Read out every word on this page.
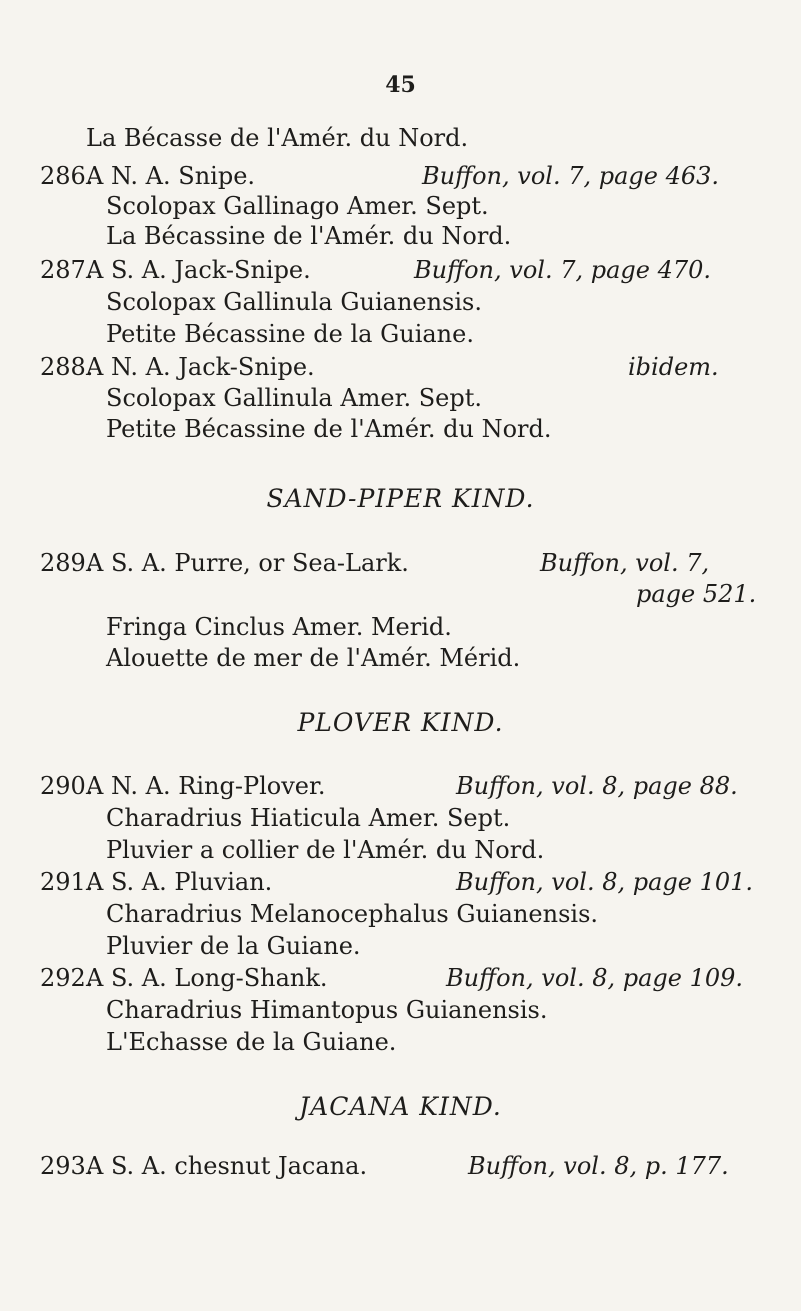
45
La Bécasse de l'Amér. du Nord.
286.
A N. A. Snipe.	Buffon, vol. 7, page 463.
Scolopax Gallinago Amer. Sept.
La Bécassine de l'Amér. du Nord.
287.
A S. A. Jack-Snipe.	Buffon, vol. 7, page 470.
Scolopax Gallinula Guianensis.
Petite Bécassine de la Guiane.
288.
A N. A. Jack-Snipe.	ibidem.
Scolopax Gallinula Amer. Sept.
Petite Bécassine de l'Amér. du Nord.
SAND-PIPER KIND.
289.
A S. A. Purre, or Sea-Lark.	Buffon, vol. 7,
page 521.
Fringa Cinclus Amer. Merid.
Alouette de mer de l'Amér. Mérid.
PLOVER KIND.
290.
A N. A. Ring-Plover.	Buffon, vol. 8, page 88.
Charadrius Hiaticula Amer. Sept.
Pluvier a collier de l'Amér. du Nord.
291.
A S. A. Pluvian.	Buffon, vol. 8, page 101.
Charadrius Melanocephalus Guianensis.
Pluvier de la Guiane.
292.
A S. A. Long-Shank.	Buffon, vol. 8, page 109.
Charadrius Himantopus Guianensis.
L'Echasse de la Guiane.
JACANA KIND.
293.
A S. A. chesnut Jacana.	Buffon, vol. 8, p. 177.
